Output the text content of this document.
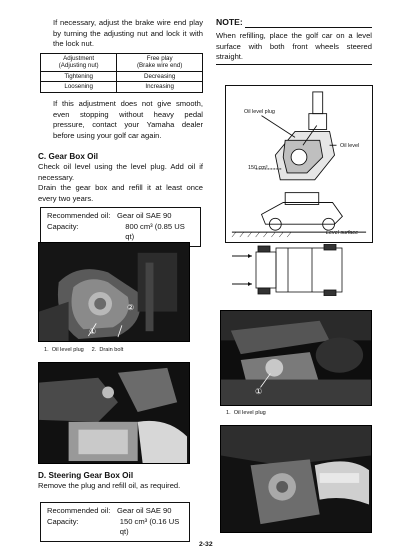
If necessary, adjust the brake wire end play by turning the adjusting nut and lock it with the lock nut.

Adjustment
(Adjusting nut)	Free play
(Brake wire end)
Tightening	Decreasing
Loosening	Increasing

If this adjustment does not give smooth, even stopping without heavy pedal pressure, contact your Yamaha dealer before using your golf car again.

C. Gear Box Oil

Check oil level using the level plug. Add oil if necessary.
Drain the gear box and refill it at least once every two years.

Recommended oil: Gear oil SAE 90
Capacity:	800 cm³ (0.85 US qt)
①
②
1.  Oil level plug     2.  Drain bolt
D. Steering Gear Box Oil

Remove the plug and refill oil, as required.

Recommended oil: Gear oil SAE 90
Capacity:	150 cm³ (0.16 US qt)
NOTE:

When refilling, place the golf car on a level surface with both front wheels steered straight.

Oil level plug
Oil level
150 cm³
Level surface
①
1.  Oil level plug
2-32
